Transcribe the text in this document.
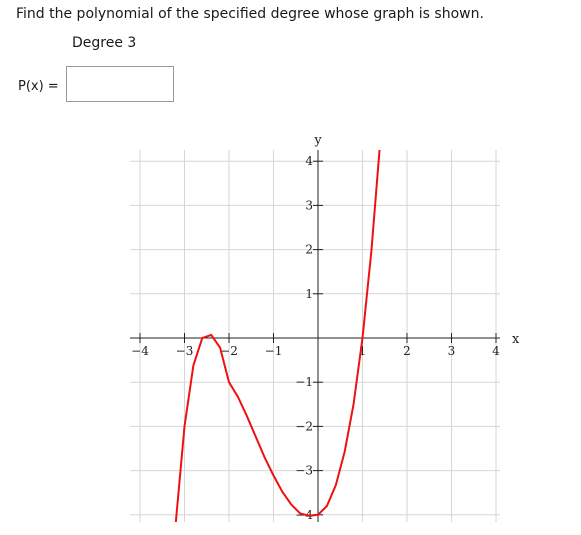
Find the polynomial of the specified degree whose graph is shown.
Degree 3
P(x) =
−4 −3 −2 −1	1	2	3	4
−4
−3
−2
−1
1
2
3
4
x
y
